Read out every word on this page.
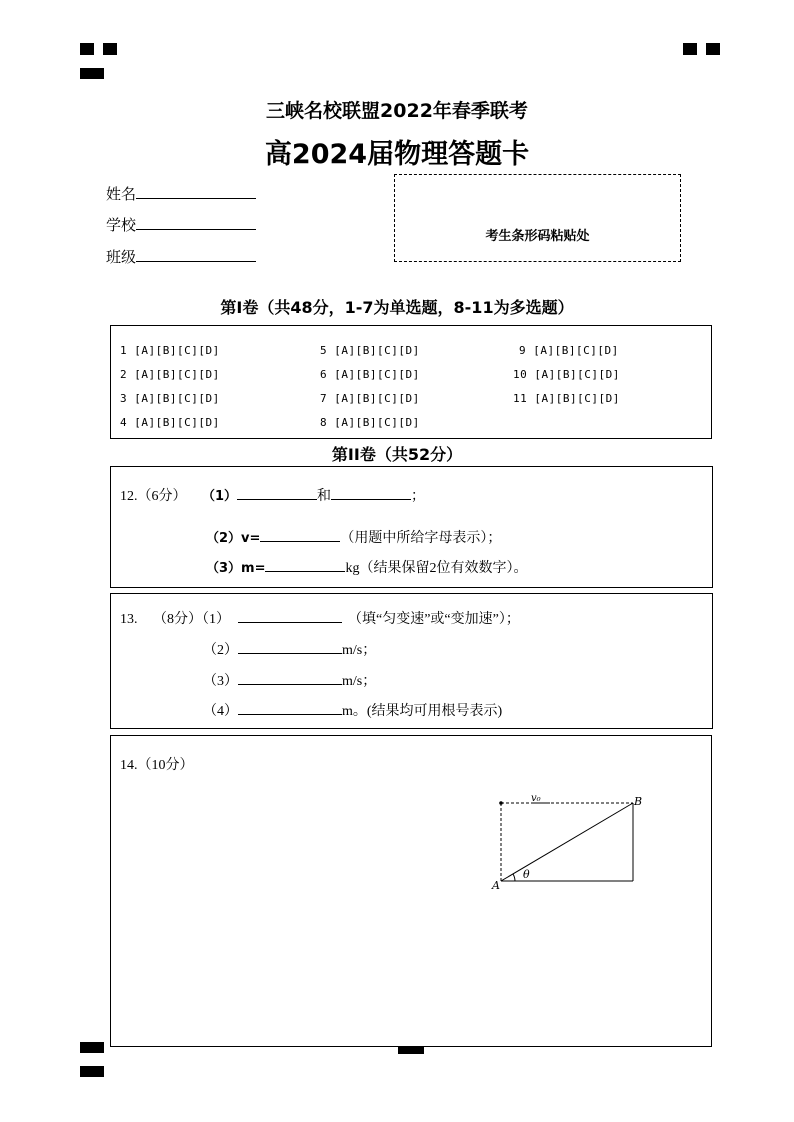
三峡名校联盟2022年春季联考
高2024届物理答题卡
姓名
学校
班级
考生条形码粘贴处
第I卷（共48分，1-7为单选题，8-11为多选题）
1 [A][B][C][D]
2 [A][B][C][D]
3 [A][B][C][D]
4 [A][B][C][D]
5 [A][B][C][D]
6 [A][B][C][D]
7 [A][B][C][D]
8 [A][B][C][D]
9 [A][B][C][D]
10 [A][B][C][D]
11 [A][B][C][D]
第II卷（共52分）
12.（6分） （1）	和	；
（2）v=	（用题中所给字母表示）；
（3）m=	kg（结果保留2位有效数字）。
13. （8分）（1）	（填“匀变速”或“变加速”）；
（2）	m/s；
（3）	m/s；
（4）	m。(结果均可用根号表示)
14.（10分）
v₀	B
A
θ
